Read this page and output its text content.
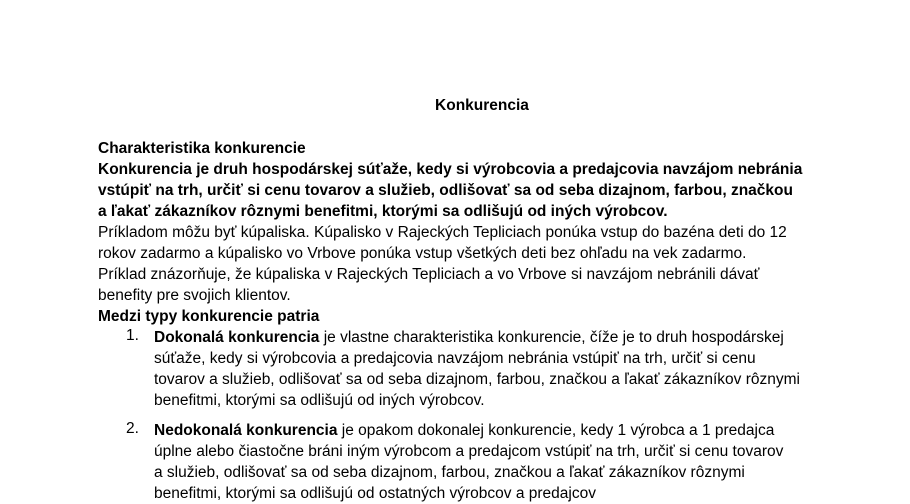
Konkurencia
Charakteristika konkurencie
Konkurencia je druh hospodárskej súťaže, kedy si výrobcovia a predajcovia navzájom nebránia
vstúpiť na trh, určiť si cenu tovarov a služieb, odlišovať sa od seba dizajnom, farbou, značkou
a ľakať zákazníkov rôznymi benefitmi, ktorými sa odlišujú od iných výrobcov.
Príkladom môžu byť kúpaliska. Kúpalisko v Rajeckých Tepliciach ponúka vstup do bazéna deti do 12
rokov zadarmo a kúpalisko vo Vrbove ponúka vstup všetkých deti bez ohľadu na vek zadarmo.
Príklad znázorňuje, že kúpaliska v Rajeckých Tepliciach a vo Vrbove si navzájom nebránili dávať
benefity pre svojich klientov.
Medzi typy konkurencie patria
1. Dokonalá konkurencia je vlastne charakteristika konkurencie, číže je to druh hospodárskej
súťaže, kedy si výrobcovia a predajcovia navzájom nebránia vstúpiť na trh, určiť si cenu
tovarov a služieb, odlišovať sa od seba dizajnom, farbou, značkou a ľakať zákazníkov rôznymi
benefitmi, ktorými sa odlišujú od iných výrobcov.
2. Nedokonalá konkurencia je opakom dokonalej konkurencie, kedy 1 výrobca a 1 predajca
úplne alebo čiastočne bráni iným výrobcom a predajcom vstúpiť na trh, určiť si cenu tovarov
a služieb, odlišovať sa od seba dizajnom, farbou, značkou a ľakať zákazníkov rôznymi
benefitmi, ktorými sa odlišujú od ostatných výrobcov a predajcov
